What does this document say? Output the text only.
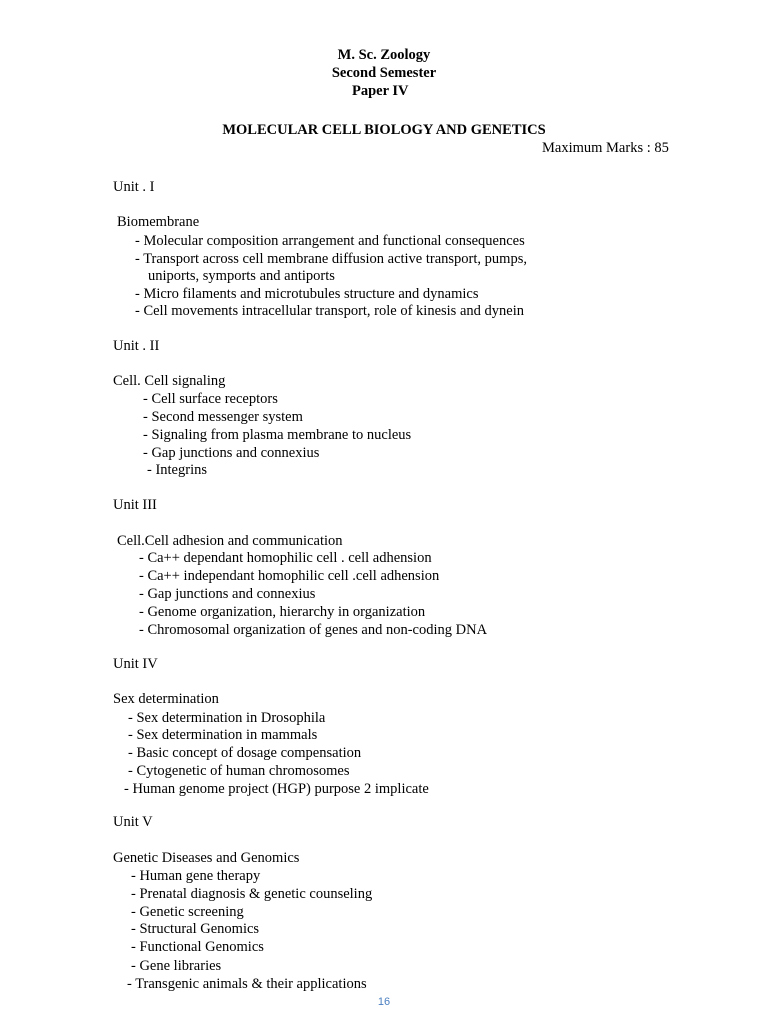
M. Sc. Zoology
Second Semester
Paper IV
MOLECULAR CELL BIOLOGY AND GENETICS
Maximum Marks : 85
Unit . I
Biomembrane
- Molecular composition arrangement and functional consequences
- Transport across cell membrane diffusion active transport, pumps,
uniports, symports and antiports
- Micro filaments and microtubules structure and dynamics
- Cell movements intracellular transport, role of kinesis and dynein
Unit . II
Cell. Cell signaling
- Cell surface receptors
- Second messenger system
- Signaling from plasma membrane to nucleus
- Gap junctions and connexius
- Integrins
Unit III
Cell.Cell adhesion and communication
- Ca++ dependant homophilic cell . cell adhension
- Ca++ independant homophilic cell .cell adhension
- Gap junctions and connexius
- Genome organization, hierarchy in organization
- Chromosomal organization of genes and non-coding DNA
Unit IV
Sex determination
- Sex determination in Drosophila
- Sex determination in mammals
- Basic concept of dosage compensation
- Cytogenetic of human chromosomes
- Human genome project (HGP) purpose 2 implicate
Unit V
Genetic Diseases and Genomics
- Human gene therapy
- Prenatal diagnosis & genetic counseling
- Genetic screening
- Structural Genomics
- Functional Genomics
- Gene libraries
- Transgenic animals & their applications
16
